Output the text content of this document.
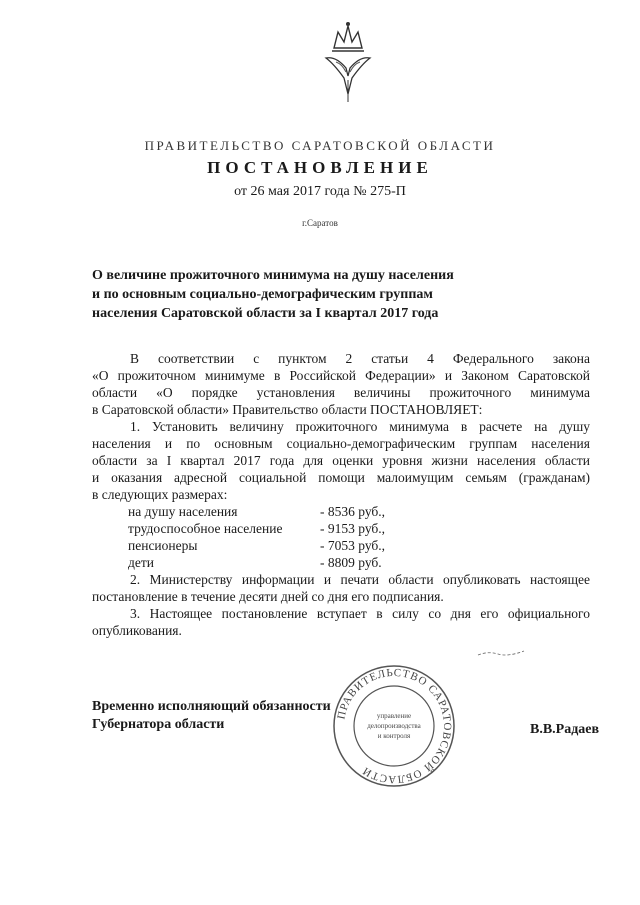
ПРАВИТЕЛЬСТВО САРАТОВСКОЙ ОБЛАСТИ
ПОСТАНОВЛЕНИЕ
от 26 мая 2017 года № 275-П
г.Саратов
О величине прожиточного минимума на душу населения
и по основным социально-демографическим группам
населения Саратовской области за I квартал 2017 года

В соответствии с пунктом 2 статьи 4 Федерального закона

«О прожиточном минимуме в Российской Федерации» и Законом Саратовской

области «О порядке установления величины прожиточного минимума

в Саратовской области» Правительство области ПОСТАНОВЛЯЕТ:

1. Установить величину прожиточного минимума в расчете на душу

населения и по основным социально-демографическим группам населения

области за I квартал 2017 года для оценки уровня жизни населения области

и оказания адресной социальной помощи малоимущим семьям (гражданам)

в следующих размерах:

на душу населения	- 8536 руб.,
трудоспособное население	- 9153 руб.,
пенсионеры	- 7053 руб.,
дети	- 8809 руб.

2. Министерству информации и печати области опубликовать настоящее

постановление в течение десяти дней со дня его подписания.

3. Настоящее постановление вступает в силу со дня его официального

опубликования.

ПРАВИТЕЛЬСТВО САРАТОВСКОЙ ОБЛАСТИ
управление
делопроизводства
и контроля
Временно исполняющий обязанности
Губернатора области	В.В.Радаев
